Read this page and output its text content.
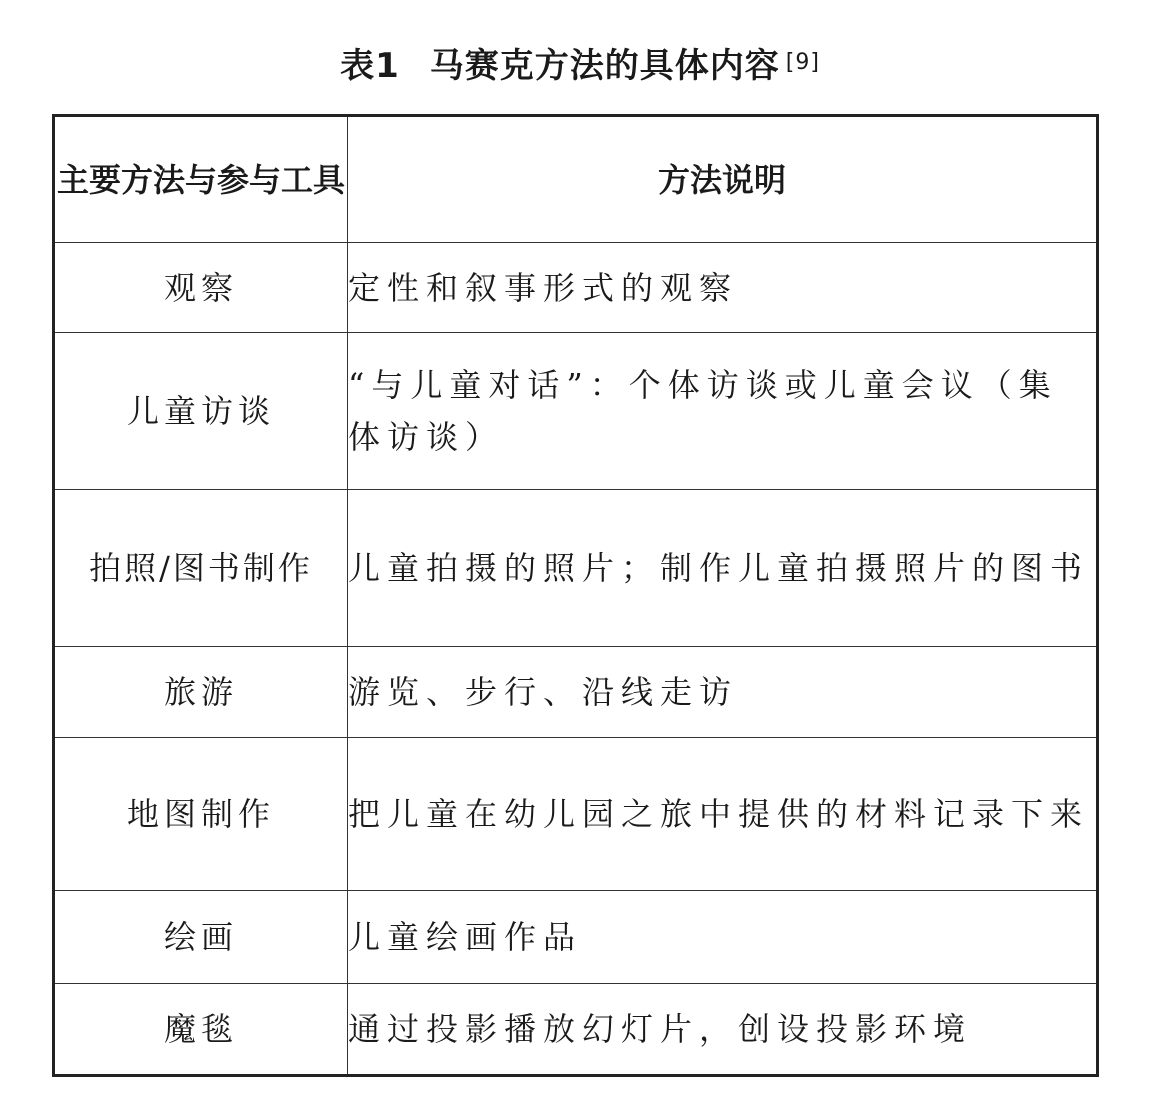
表1 马赛克方法的具体内容 [9]
主要方法与参与工具	方法说明
观察	定性和叙事形式的观察
儿童访谈	“与儿童对话”：个体访谈或儿童会议（集体访谈）
拍照/图书制作	儿童拍摄的照片；制作儿童拍摄照片的图书
旅游	游览、步行、沿线走访
地图制作	把儿童在幼儿园之旅中提供的材料记录下来
绘画	儿童绘画作品
魔毯	通过投影播放幻灯片，创设投影环境
